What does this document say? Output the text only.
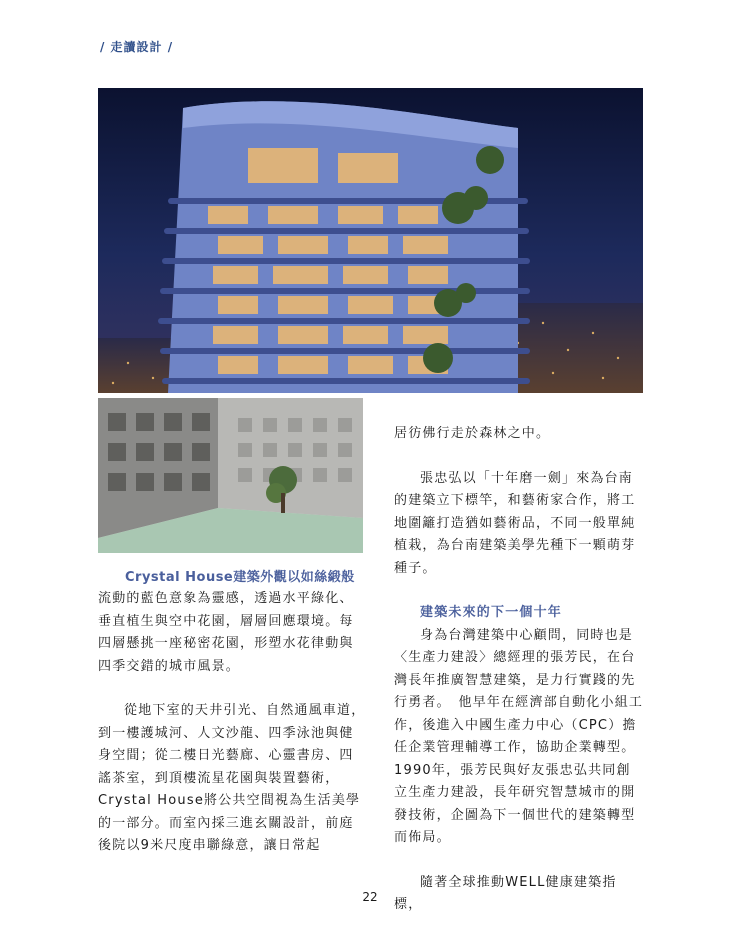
/ 走讀設計 /
Crystal House建築外觀以如絲緞般

流動的藍色意象為靈感，透過水平綠化、垂直植生與空中花園，層層回應環境。每四層懸挑一座秘密花園，形塑水花律動與四季交錯的城市風景。

從地下室的天井引光、自然通風車道，到一樓護城河、人文沙龍、四季泳池與健身空間；從二樓日光藝廊、心靈書房、四謠茶室，到頂樓流星花園與裝置藝術，Crystal House將公共空間視為生活美學的一部分。而室內採三進玄關設計，前庭後院以9米尺度串聯綠意，讓日常起

居彷佛行走於森林之中。

張忠弘以「十年磨一劍」來為台南的建築立下標竿，和藝術家合作，將工地圍籬打造猶如藝術品，不同一般單純植栽，為台南建築美學先種下一顆萌芽種子。

建築未來的下一個十年

身為台灣建築中心顧問，同時也是〈生產力建設〉總經理的張芳民，在台灣長年推廣智慧建築，是力行實踐的先行勇者。　他早年在經濟部自動化小組工作，後進入中國生產力中心（CPC）擔任企業管理輔導工作，協助企業轉型。　1990年，張芳民與好友張忠弘共同創立生產力建設，長年研究智慧城市的開發技術，企圖為下一個世代的建築轉型而佈局。

隨著全球推動WELL健康建築指標，

22
